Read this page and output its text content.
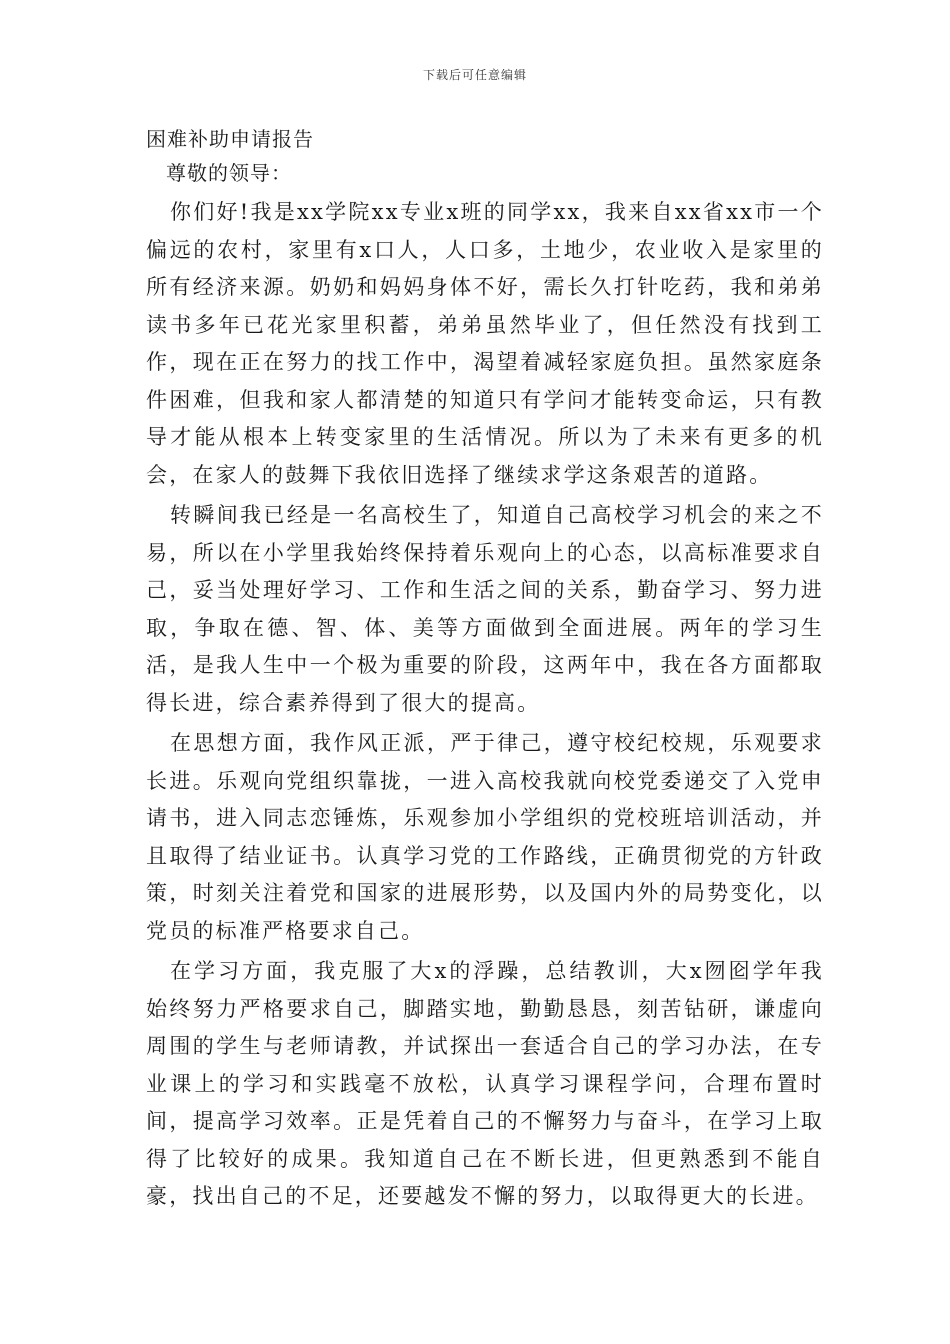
下载后可任意编辑
困难补助申请报告

尊敬的领导：

你们好!我是xx学院xx专业x班的同学xx，我来自xx省xx市一个偏远的农村，家里有x口人，人口多，土地少，农业收入是家里的所有经济来源。奶奶和妈妈身体不好，需长久打针吃药，我和弟弟读书多年已花光家里积蓄，弟弟虽然毕业了，但任然没有找到工作，现在正在努力的找工作中，渴望着减轻家庭负担。虽然家庭条件困难，但我和家人都清楚的知道只有学问才能转变命运，只有教导才能从根本上转变家里的生活情况。所以为了未来有更多的机会，在家人的鼓舞下我依旧选择了继续求学这条艰苦的道路。

转瞬间我已经是一名高校生了，知道自己高校学习机会的来之不易，所以在小学里我始终保持着乐观向上的心态，以高标准要求自己，妥当处理好学习、工作和生活之间的关系，勤奋学习、努力进取，争取在德、智、体、美等方面做到全面进展。两年的学习生活，是我人生中一个极为重要的阶段，这两年中，我在各方面都取得长进，综合素养得到了很大的提高。

在思想方面，我作风正派，严于律己，遵守校纪校规，乐观要求长进。乐观向党组织靠拢，一进入高校我就向校党委递交了入党申请书，进入同志恋锤炼，乐观参加小学组织的党校班培训活动，并且取得了结业证书。认真学习党的工作路线，正确贯彻党的方针政策，时刻关注着党和国家的进展形势，以及国内外的局势变化，以党员的标准严格要求自己。

在学习方面，我克服了大x的浮躁，总结教训，大x囫囵学年我始终努力严格要求自己，脚踏实地，勤勤恳恳，刻苦钻研，谦虚向周围的学生与老师请教，并试探出一套适合自己的学习办法，在专业课上的学习和实践毫不放松，认真学习课程学问，合理布置时间，提高学习效率。正是凭着自己的不懈努力与奋斗，在学习上取得了比较好的成果。我知道自己在不断长进，但更熟悉到不能自豪，找出自己的不足，还要越发不懈的努力，以取得更大的长进。
